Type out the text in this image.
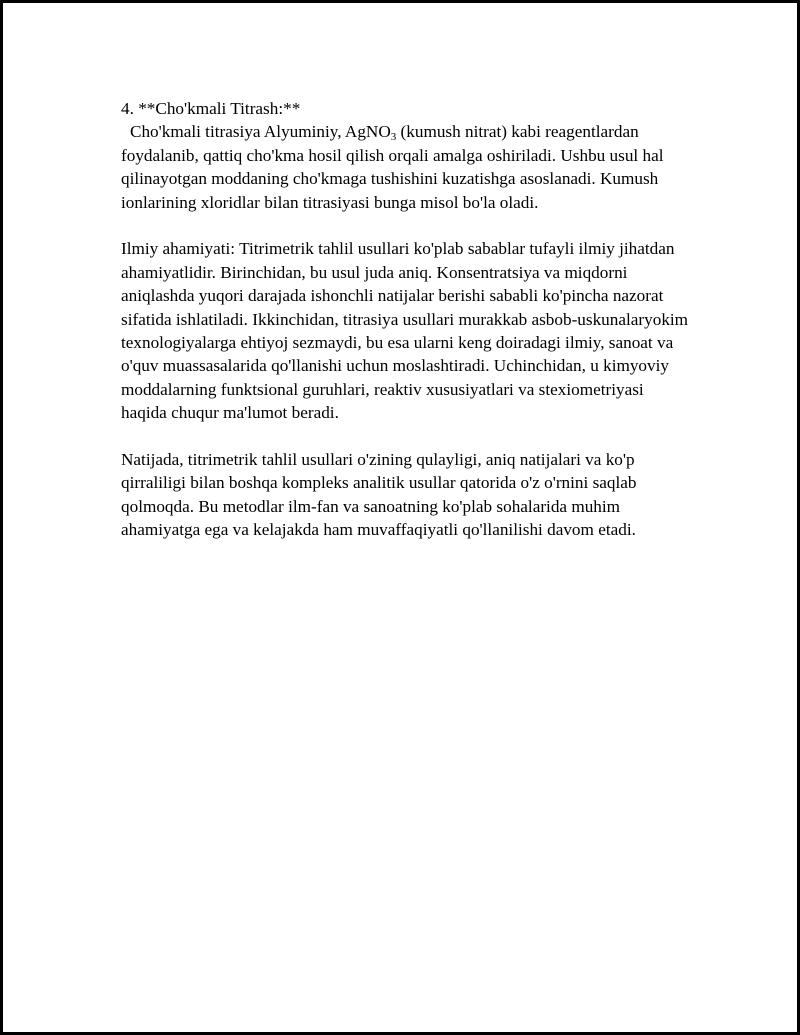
4. **Cho'kmali Titrash:**

Cho'kmali titrasiya Alyuminiy, AgNO$_3$ (kumush nitrat) kabi reagentlardan foydalanib, qattiq cho'kma hosil qilish orqali amalga oshiriladi. Ushbu usul hal qilinayotgan moddaning cho'kmaga tushishini kuzatishga asoslanadi. Kumush ionlarining xloridlar bilan titrasiyasi bunga misol bo'la oladi.

Ilmiy ahamiyati: Titrimetrik tahlil usullari ko'plab sabablar tufayli ilmiy jihatdan ahamiyatlidir. Birinchidan, bu usul juda aniq. Konsentratsiya va miqdorni aniqlashda yuqori darajada ishonchli natijalar berishi sababli ko'pincha nazorat sifatida ishlatiladi. Ikkinchidan, titrasiya usullari murakkab asbob-uskunalaryokim texnologiyalarga ehtiyoj sezmaydi, bu esa ularni keng doiradagi ilmiy, sanoat va o'quv muassasalarida qo'llanishi uchun moslashtiradi. Uchinchidan, u kimyoviy moddalarning funktsional guruhlari, reaktiv xususiyatlari va stexiometriyasi haqida chuqur ma'lumot beradi.

Natijada, titrimetrik tahlil usullari o'zining qulayligi, aniq natijalari va ko'p qirraliligi bilan boshqa kompleks analitik usullar qatorida o'z o'rnini saqlab qolmoqda. Bu metodlar ilm-fan va sanoatning ko'plab sohalarida muhim ahamiyatga ega va kelajakda ham muvaffaqiyatli qo'llanilishi davom etadi.
